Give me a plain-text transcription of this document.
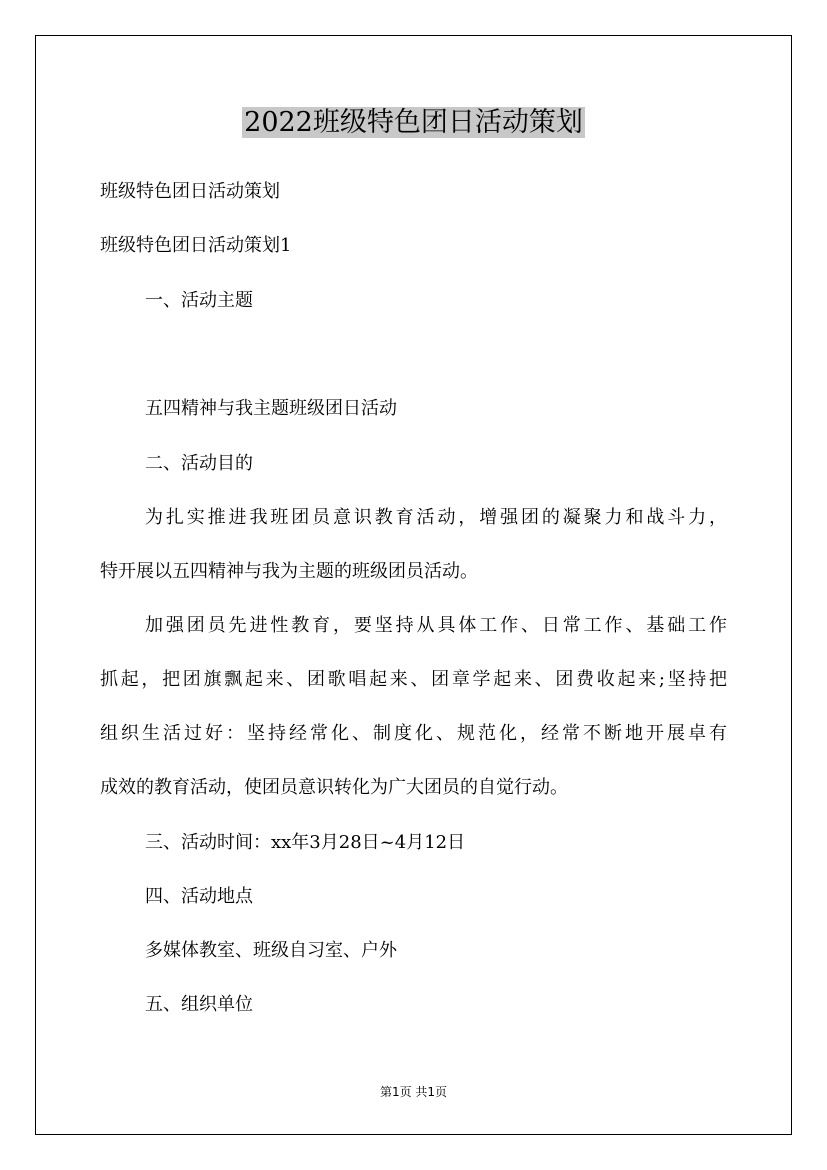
2022班级特色团日活动策划
班级特色团日活动策划
班级特色团日活动策划1
一、活动主题
五四精神与我主题班级团日活动
二、活动目的
为扎实推进我班团员意识教育活动，增强团的凝聚力和战斗力，
特开展以五四精神与我为主题的班级团员活动。
加强团员先进性教育，要坚持从具体工作、日常工作、基础工作
抓起，把团旗飘起来、团歌唱起来、团章学起来、团费收起来;坚持把
组织生活过好：坚持经常化、制度化、规范化，经常不断地开展卓有
成效的教育活动，使团员意识转化为广大团员的自觉行动。
三、活动时间：xx年3月28日~4月12日
四、活动地点
多媒体教室、班级自习室、户外
五、组织单位
第1页 共1页
